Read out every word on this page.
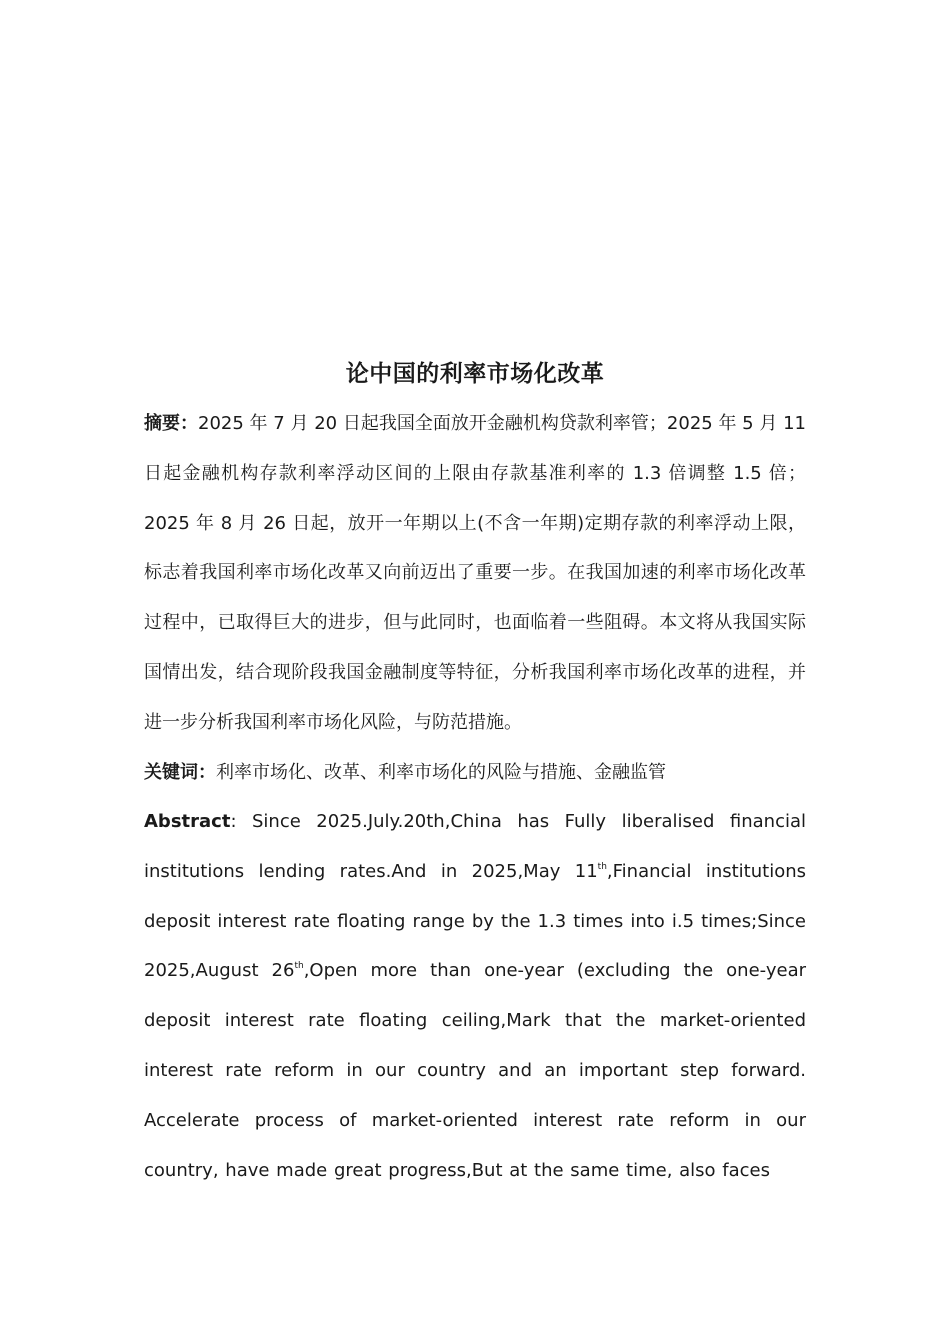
论中国的利率市场化改革
摘要：2025 年 7 月 20 日起我国全面放开金融机构贷款利率管；2025 年 5 月 11 日起金融机构存款利率浮动区间的上限由存款基准利率的 1.3 倍调整 1.5 倍；2025 年 8 月 26 日起，放开一年期以上(不含一年期)定期存款的利率浮动上限，标志着我国利率市场化改革又向前迈出了重要一步。在我国加速的利率市场化改革过程中，已取得巨大的进步，但与此同时，也面临着一些阻碍。本文将从我国实际国情出发，结合现阶段我国金融制度等特征，分析我国利率市场化改革的进程，并进一步分析我国利率市场化风险，与防范措施。
关键词：利率市场化、改革、利率市场化的风险与措施、金融监管
Abstract: Since 2025.July.20th,China has Fully liberalised financial institutions lending rates.And in 2025,May 11th,Financial institutions deposit interest rate floating range by the 1.3 times into i.5 times;Since 2025,August 26th,Open more than one-year (excluding the one-year deposit interest rate floating ceiling,Mark that the market-oriented interest rate reform in our country and an important step forward. Accelerate process of market-oriented interest rate reform in our country, have made great progress,But at the same time, also faces
